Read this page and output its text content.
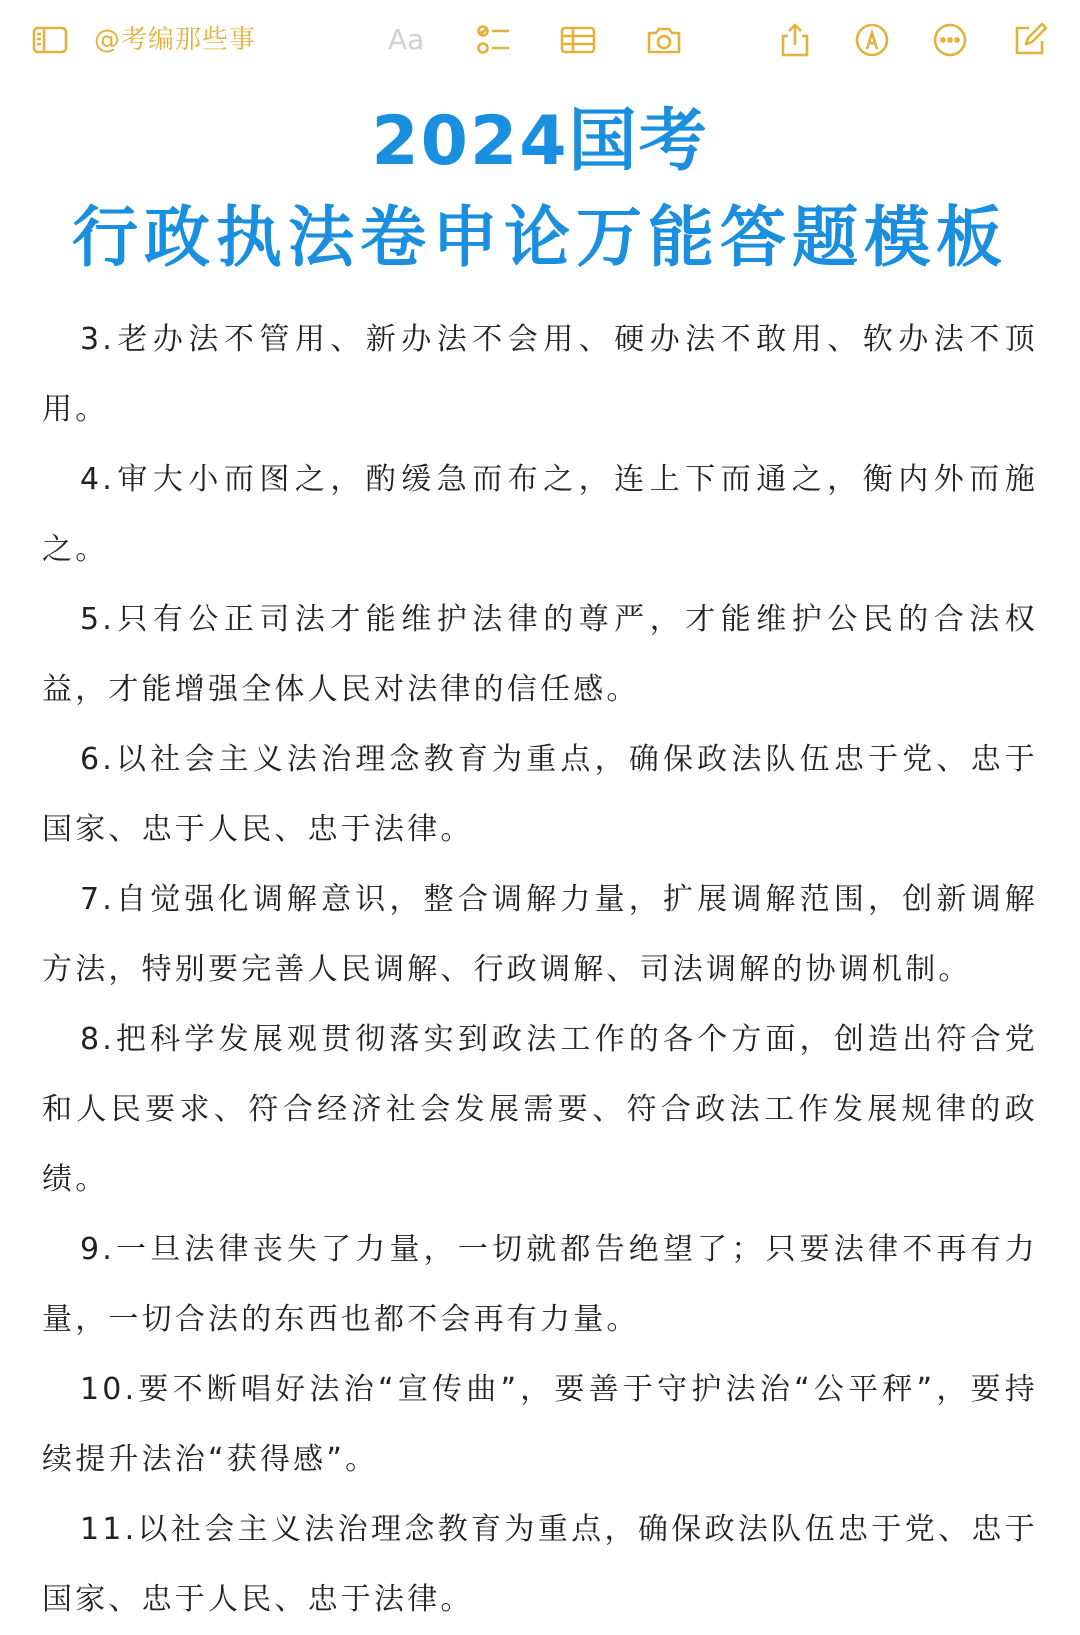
@考编那些事	Aa
2024国考
行政执法卷申论万能答题模板

3.老办法不管用、新办法不会用、硬办法不敢用、软办法不顶用。

4.审大小而图之，酌缓急而布之，连上下而通之，衡内外而施之。

5.只有公正司法才能维护法律的尊严，才能维护公民的合法权益，才能增强全体人民对法律的信任感。

6.以社会主义法治理念教育为重点，确保政法队伍忠于党、忠于国家、忠于人民、忠于法律。

7.自觉强化调解意识，整合调解力量，扩展调解范围，创新调解方法，特别要完善人民调解、行政调解、司法调解的协调机制。

8.把科学发展观贯彻落实到政法工作的各个方面，创造出符合党和人民要求、符合经济社会发展需要、符合政法工作发展规律的政绩。

9.一旦法律丧失了力量，一切就都告绝望了；只要法律不再有力量，一切合法的东西也都不会再有力量。

10.要不断唱好法治“宣传曲”，要善于守护法治“公平秤”，要持续提升法治“获得感”。

11.以社会主义法治理念教育为重点，确保政法队伍忠于党、忠于国家、忠于人民、忠于法律。
